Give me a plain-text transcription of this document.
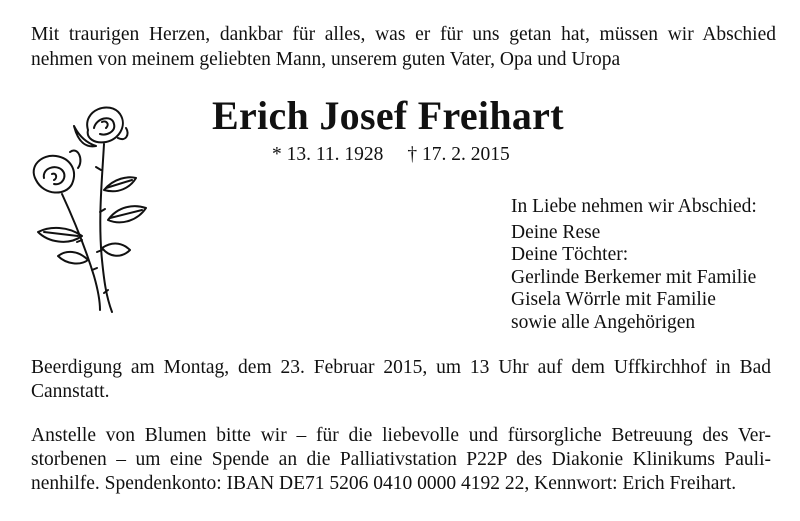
Mit traurigen Herzen, dankbar für alles, was er für uns getan hat, müssen wir Abschied
nehmen von meinem geliebten Mann, unserem guten Vater, Opa und Uropa
Erich Josef Freihart
* 13. 11. 1928 † 17. 2. 2015
In Liebe nehmen wir Abschied:
Deine Rese
Deine Töchter:
Gerlinde Berkemer mit Familie
Gisela Wörrle mit Familie
sowie alle Angehörigen
Beerdigung am Montag, dem 23. Februar 2015, um 13 Uhr auf dem Uffkirchhof in Bad
Cannstatt.
Anstelle von Blumen bitte wir – für die liebevolle und fürsorgliche Betreuung des Ver-
storbenen – um eine Spende an die Palliativstation P22P des Diakonie Klinikums Pauli-
nenhilfe. Spendenkonto: IBAN DE71 5206 0410 0000 4192 22, Kennwort: Erich Freihart.
